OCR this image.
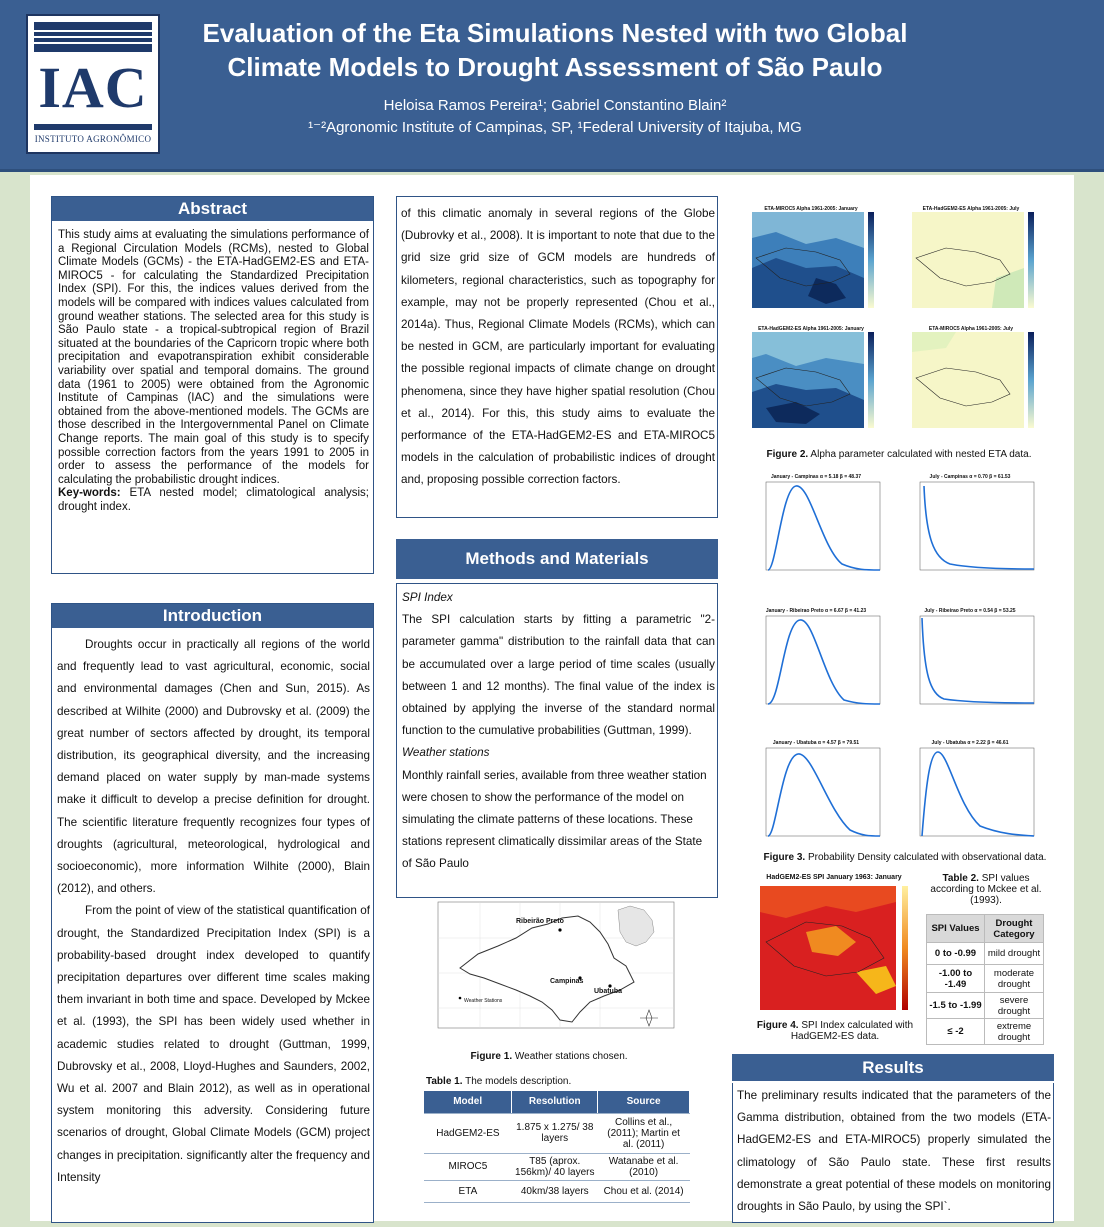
IAC
INSTITUTO AGRONÔMICO
Evaluation of the Eta Simulations Nested with two Global
Climate Models to Drought Assessment of São Paulo
Heloisa Ramos Pereira¹; Gabriel Constantino Blain²
¹⁻²Agronomic Institute of Campinas, SP, ¹Federal University of Itajuba, MG
Abstract
This study aims at evaluating the simulations performance of a Regional Circulation Models (RCMs), nested to Global Climate Models (GCMs) - the ETA-HadGEM2-ES and ETA-MIROC5 - for calculating the Standardized Precipitation Index (SPI). For this, the indices values derived from the models will be compared with indices values calculated from ground weather stations. The selected area for this study is São Paulo state - a tropical-subtropical region of Brazil situated at the boundaries of the Capricorn tropic where both precipitation and evapotranspiration exhibit considerable variability over spatial and temporal domains. The ground data (1961 to 2005) were obtained from the Agronomic Institute of Campinas (IAC) and the simulations were obtained from the above-mentioned models. The GCMs are those described in the Intergovernmental Panel on Climate Change reports. The main goal of this study is to specify possible correction factors from the years 1991 to 2005 in order to assess the performance of the models for calculating the probabilistic drought indices.
Key-words: ETA nested model; climatological analysis; drought index.
Introduction

Droughts occur in practically all regions of the world and frequently lead to vast agricultural, economic, social and environmental damages (Chen and Sun, 2015). As described at Wilhite (2000) and Dubrovsky et al. (2009) the great number of sectors affected by drought, its temporal distribution, its geographical diversity, and the increasing demand placed on water supply by man-made systems make it difficult to develop a precise definition for drought. The scientific literature frequently recognizes four types of droughts (agricultural, meteorological, hydrological and socioeconomic), more information Wilhite (2000), Blain (2012), and others.

From the point of view of the statistical quantification of drought, the Standardized Precipitation Index (SPI) is a probability-based drought index developed to quantify precipitation departures over different time scales making them invariant in both time and space. Developed by Mckee et al. (1993), the SPI has been widely used whether in academic studies related to drought (Guttman, 1999, Dubrovsky et al., 2008, Lloyd-Hughes and Saunders, 2002, Wu et al. 2007 and Blain 2012), as well as in operational system monitoring this adversity. Considering future scenarios of drought, Global Climate Models (GCM) project changes in precipitation. significantly alter the frequency and Intensity

of this climatic anomaly in several regions of the Globe (Dubrovky et al., 2008). It is important to note that due to the grid size grid size of GCM models are hundreds of kilometers, regional characteristics, such as topography for example, may not be properly represented (Chou et al., 2014a). Thus, Regional Climate Models (RCMs), which can be nested in GCM, are particularly important for evaluating the possible regional impacts of climate change on drought phenomena, since they have higher spatial resolution (Chou et al., 2014). For this, this study aims to evaluate the performance of the ETA-HadGEM2-ES and ETA-MIROC5 models in the calculation of probabilistic indices of drought and, proposing possible correction factors.
Methods and Materials
SPI Index
The SPI calculation starts by fitting a parametric "2-parameter gamma" distribution to the rainfall data that can be accumulated over a large period of time scales (usually between 1 and 12 months). The final value of the index is obtained by applying the inverse of the standard normal function to the cumulative probabilities (Guttman, 1999).
Weather stations
Monthly rainfall series, available from three weather station were chosen to show the performance of the model on simulating the climate patterns of these locations. These stations represent climatically dissimilar areas of the State of São Paulo
Ribeirão Preto
Campinas
Ubatuba
Weather Stations
Figure 1. Weather stations chosen.
Table 1. The models description.
Model	Resolution	Source
HadGEM2-ES	1.875 x 1.275/ 38 layers	Collins et al., (2011); Martin et al. (2011)
MIROC5	T85 (aprox. 156km)/ 40 layers	Watanabe et al. (2010)
ETA	40km/38 layers	Chou et al. (2014)
ETA-MIROC5 Alpha 1961-2005: January	ETA-HadGEM2-ES Alpha 1961-2005: July
ETA-HadGEM2-ES Alpha 1961-2005: January	ETA-MIROC5 Alpha 1961-2005: July
Figure 2. Alpha parameter calculated with nested ETA data.
January - Campinas α = 5.18 β = 48.37	July - Campinas α = 0.70 β = 61.53
January - Ribeirao Preto α = 6.67 β = 41.23	July - Ribeirao Preto α = 0.54 β = 53.25
January - Ubatuba α = 4.57 β = 79.51	July - Ubatuba α = 2.22 β = 46.61
Figure 3. Probability Density calculated with observational data.
HadGEM2-ES SPI January 1963: January
Figure 4. SPI Index calculated with HadGEM2-ES data.
Table 2. SPI values according to Mckee et al. (1993).
SPI Values	Drought Category
0 to -0.99	mild drought
-1.00 to -1.49	moderate drought
-1.5 to -1.99	severe drought
≤ -2	extreme drought
Results
The preliminary results indicated that the parameters of the Gamma distribution, obtained from the two models (ETA-HadGEM2-ES and ETA-MIROC5) properly simulated the climatology of São Paulo state. These first results demonstrate a great potential of these models on monitoring droughts in São Paulo, by using the SPI`.
